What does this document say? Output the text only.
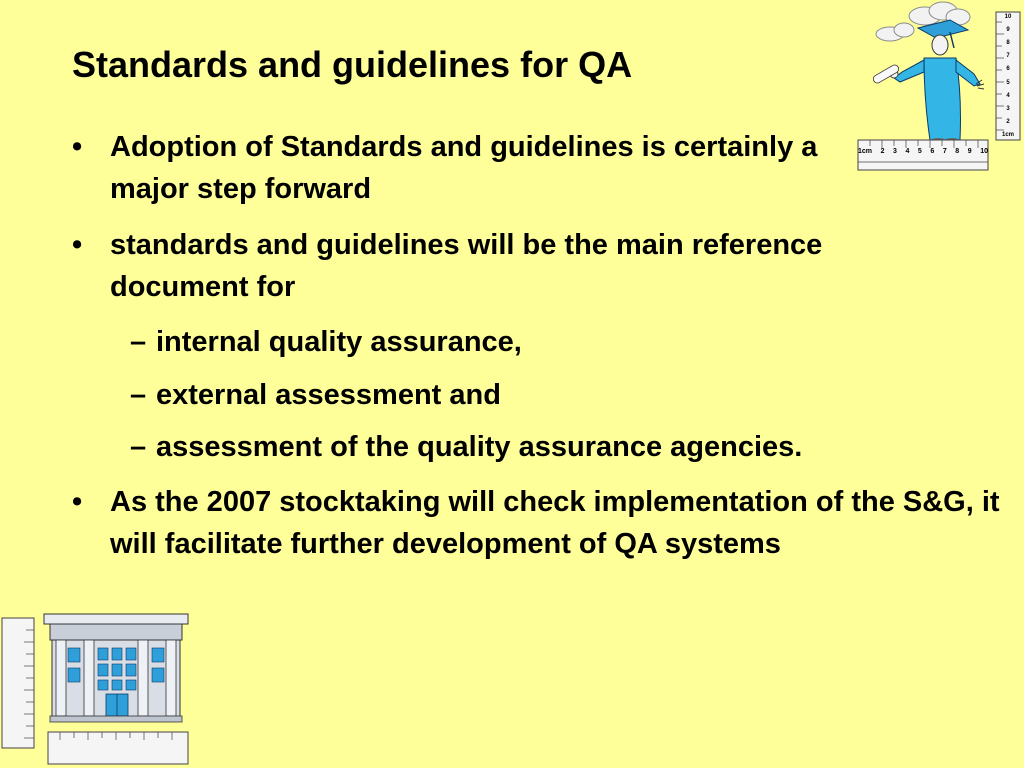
Standards and guidelines for QA
• Adoption of Standards and guidelines is certainly a major step forward
• standards and guidelines will be the main reference document for
– internal quality assurance,
– external assessment and
– assessment of the quality assurance agencies.
• As the 2007 stocktaking will check implementation of the S&G, it will facilitate further development of QA systems
1cm 2 3 4 5 6 7 8 9 10
10
9
8
7
6
5
4
3
2
1cm
